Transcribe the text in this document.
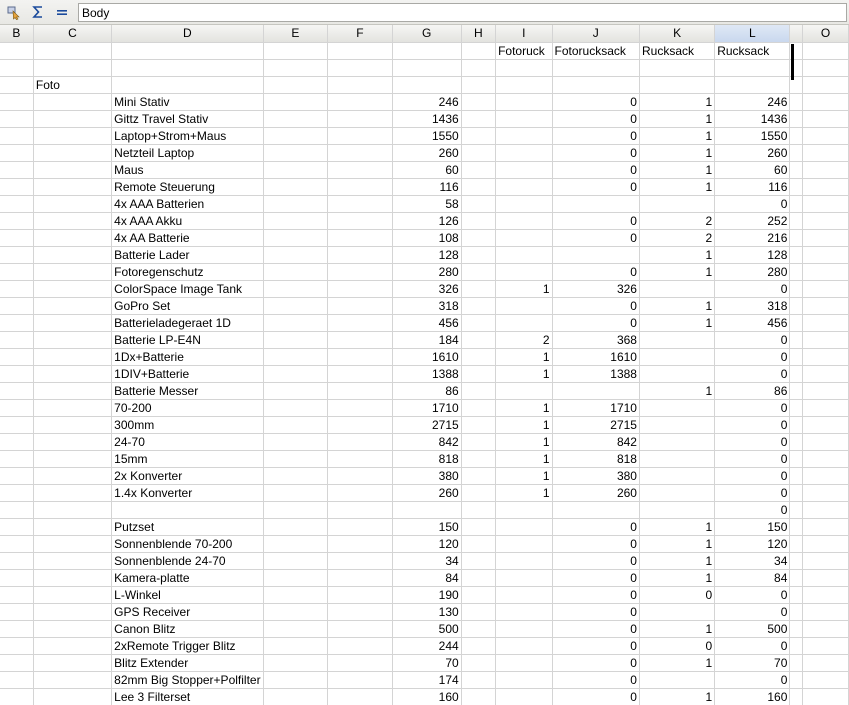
Body
B	C	D	E	F	G	H	I	J	K	L		O
							Fotoruck	Fotorucksack	Rucksack	Rucksack		

	Foto											
		Mini Stativ			246			0	1	246		
		Gittz Travel Stativ			1436			0	1	1436		
		Laptop+Strom+Maus			1550			0	1	1550		
		Netzteil Laptop			260			0	1	260		
		Maus			60			0	1	60		
		Remote Steuerung			116			0	1	116		
		4x AAA Batterien			58					0		
		4x AAA Akku			126			0	2	252		
		4x AA Batterie			108			0	2	216		
		Batterie Lader			128				1	128		
		Fotoregenschutz			280			0	1	280		
		ColorSpace Image Tank			326		1	326		0		
		GoPro Set			318			0	1	318		
		Batterieladegeraet 1D			456			0	1	456		
		Batterie LP-E4N			184		2	368		0		
		1Dx+Batterie			1610		1	1610		0		
		1DIV+Batterie			1388		1	1388		0		
		Batterie Messer			86				1	86		
		70-200			1710		1	1710		0		
		300mm			2715		1	2715		0		
		24-70			842		1	842		0		
		15mm			818		1	818		0		
		2x Konverter			380		1	380		0		
		1.4x Konverter			260		1	260		0		
										0		
		Putzset			150			0	1	150		
		Sonnenblende 70-200			120			0	1	120		
		Sonnenblende 24-70			34			0	1	34		
		Kamera-platte			84			0	1	84		
		L-Winkel			190			0	0	0		
		GPS Receiver			130			0		0		
		Canon Blitz			500			0	1	500		
		2xRemote Trigger Blitz			244			0	0	0		
		Blitz Extender			70			0	1	70		
		82mm Big Stopper+Polfilter			174			0		0		
		Lee 3 Filterset			160			0	1	160		
